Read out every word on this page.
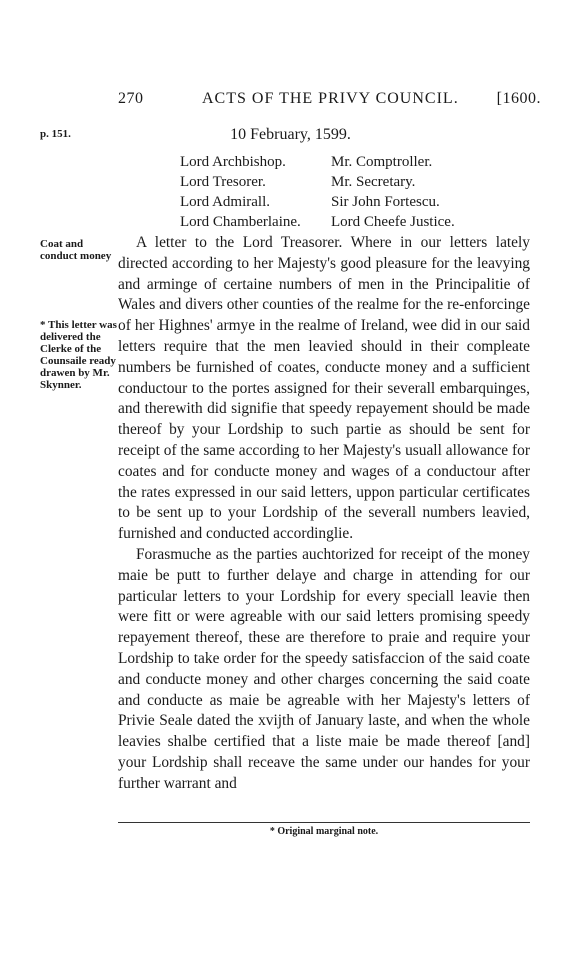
270	ACTS OF THE PRIVY COUNCIL. [1600.
p. 151.	10 February, 1599.
Lord Archbishop.	Mr. Comptroller.
Lord Tresorer.	Mr. Secretary.
Lord Admirall.	Sir John Fortescu.
Lord Chamberlaine.	Lord Cheefe Justice.
Coat and conduct money
* This letter was delivered the Clerke of the Counsaile ready drawen by Mr. Skynner.

A letter to the Lord Treasorer. Where in our letters lately directed according to her Majesty's good pleasure for the leavying and arminge of certaine numbers of men in the Principalitie of Wales and divers other counties of the realme for the re-enforcinge of her Highnes' armye in the realme of Ireland, wee did in our said letters require that the men leavied should in their compleate numbers be furnished of coates, conducte money and a sufficient conductour to the portes assigned for their severall embarquinges, and therewith did signifie that speedy repayement should be made thereof by your Lordship to such partie as should be sent for receipt of the same according to her Majesty's usuall allowance for coates and for conducte money and wages of a conductour after the rates expressed in our said letters, uppon particular certificates to be sent up to your Lordship of the severall numbers leavied, furnished and conducted accordinglie.

Forasmuche as the parties auchtorized for receipt of the money maie be putt to further delaye and charge in attending for our particular letters to your Lordship for every speciall leavie then were fitt or were agreable with our said letters promising speedy repayement thereof, these are therefore to praie and require your Lordship to take order for the speedy satisfaccion of the said coate and conducte money and other charges concerning the said coate and conducte as maie be agreable with her Majesty's letters of Privie Seale dated the xvijth of January laste, and when the whole leavies shalbe certified that a liste maie be made thereof [and] your Lordship shall receave the same under our handes for your further warrant and

* Original marginal note.
